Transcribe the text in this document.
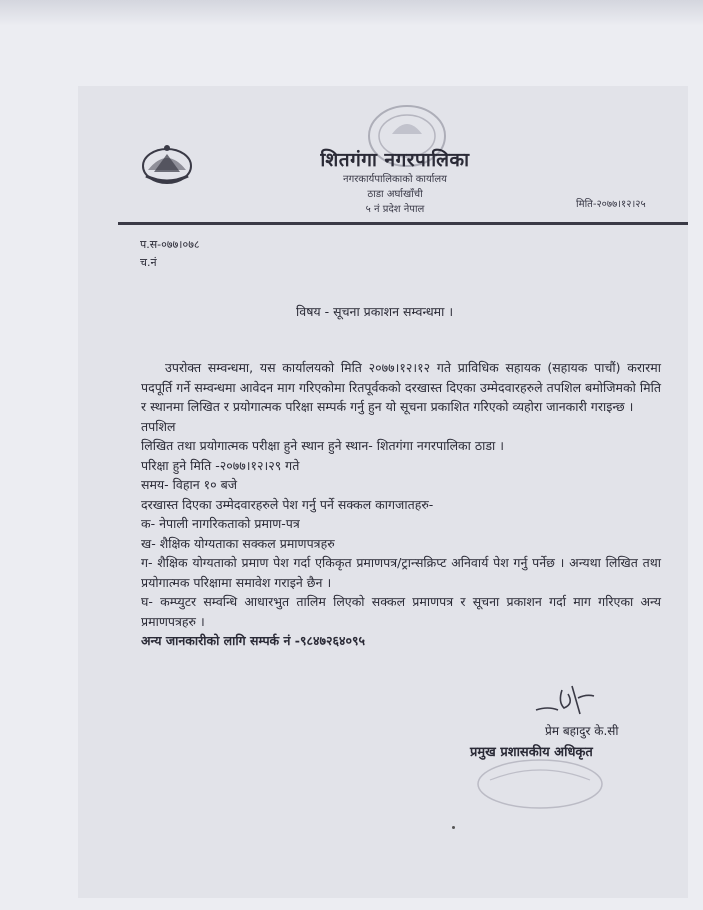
शितगंगा नगरपालिका
नगरकार्यपालिकाको कार्यालय
ठाडा अर्घाखाँची
५ नं प्रदेश नेपाल	मिति-२०७७।१२।२५
प.स-०७७।०७८
च.नं
विषय - सूचना प्रकाशन सम्वन्धमा ।

उपरोक्त सम्वन्धमा, यस कार्यालयको मिति २०७७।१२।१२ गते प्राविधिक सहायक (सहायक पाचौं) करारमा पदपूर्ति गर्ने सम्वन्धमा आवेदन माग गरिएकोमा रितपूर्वकको दरखास्त दिएका उम्मेदवारहरुले तपशिल बमोजिमको मिति र स्थानमा लिखित र प्रयोगात्मक परिक्षा सम्पर्क गर्नु हुन यो सूचना प्रकाशित गरिएको व्यहोरा जानकारी गराइन्छ ।

तपशिल

लिखित तथा प्रयोगात्मक परीक्षा हुने स्थान हुने स्थान- शितगंगा नगरपालिका ठाडा ।

परिक्षा हुने मिति -२०७७।१२।२९ गते

समय- विहान १० बजे

दरखास्त दिएका उम्मेदवारहरुले पेश गर्नु पर्ने सक्कल कागजातहरु-

क- नेपाली नागरिकताको प्रमाण-पत्र

ख- शैक्षिक योग्यताका सक्कल प्रमाणपत्रहरु

ग- शैक्षिक योग्यताको प्रमाण पेश गर्दा एकिकृत प्रमाणपत्र/ट्रान्सक्रिप्ट अनिवार्य पेश गर्नु पर्नेछ । अन्यथा लिखित तथा प्रयोगात्मक परिक्षामा समावेश गराइने छैन ।

घ- कम्प्युटर सम्वन्धि आधारभुत तालिम लिएको सक्कल प्रमाणपत्र र सूचना प्रकाशन गर्दा माग गरिएका अन्य प्रमाणपत्रहरु ।

अन्य जानकारीको लागि सम्पर्क नं -९८४७२६४०९५

प्रेम बहादुर के.सी
प्रमुख प्रशासकीय अधिकृत
